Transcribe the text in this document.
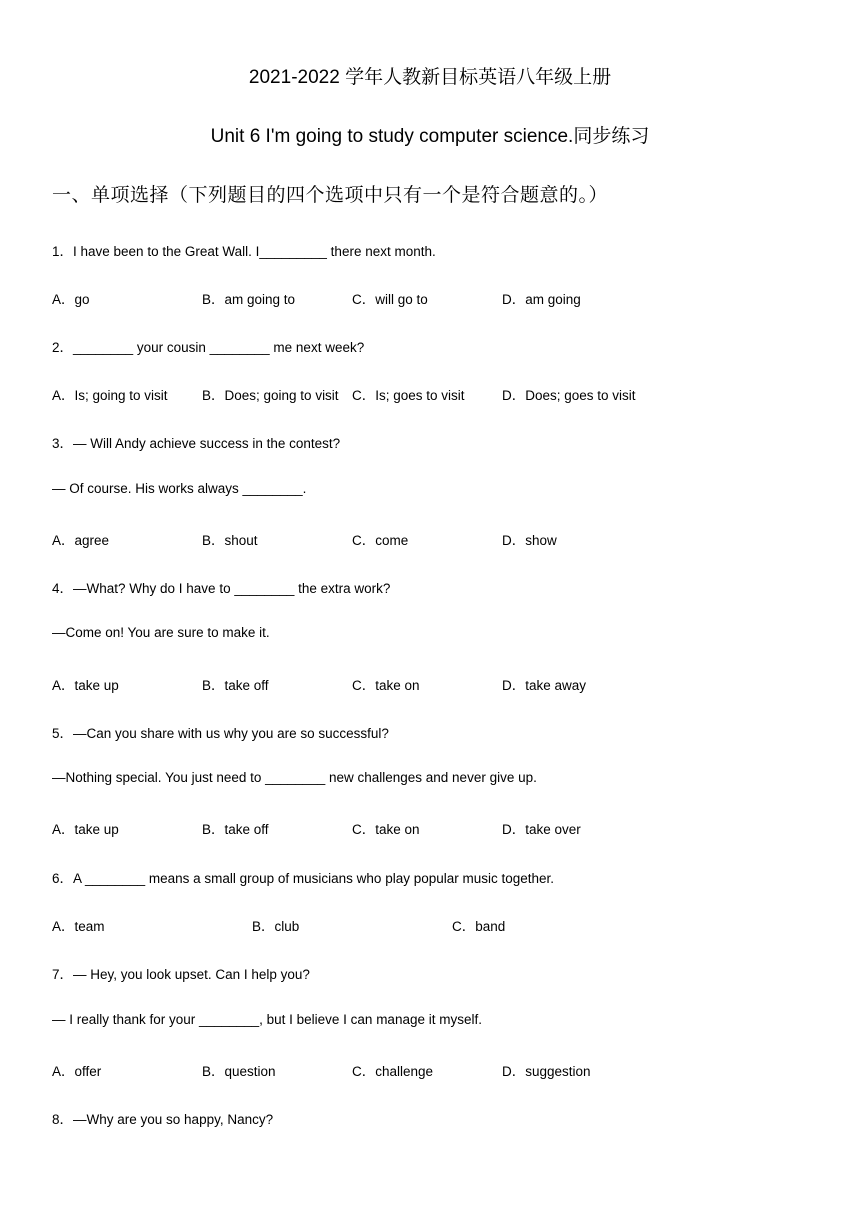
2021-2022 学年人教新目标英语八年级上册
Unit 6 I'm going to study computer science.同步练习
一、单项选择（下列题目的四个选项中只有一个是符合题意的。）
1．I have been to the Great Wall. I_________ there next month.
A．go	B．am going to	C．will go to	D．am going
2．________ your cousin ________ me next week?
A．Is; going to visit	B．Does; going to visit C．Is; goes to visit	D．Does; goes to visit
3．— Will Andy achieve success in the contest?
— Of course. His works always ________.
A．agree	B．shout	C．come	D．show
4．—What? Why do I have to ________ the extra work?
—Come on! You are sure to make it.
A．take up	B．take off	C．take on	D．take away
5．—Can you share with us why you are so successful?
—Nothing special. You just need to ________ new challenges and never give up.
A．take up	B．take off	C．take on	D．take over
6．A ________ means a small group of musicians who play popular music together.
A．team	B．club	C．band
7．— Hey, you look upset. Can I help you?
— I really thank for your ________, but I believe I can manage it myself.
A．offer	B．question	C．challenge	D．suggestion
8．—Why are you so happy, Nancy?
